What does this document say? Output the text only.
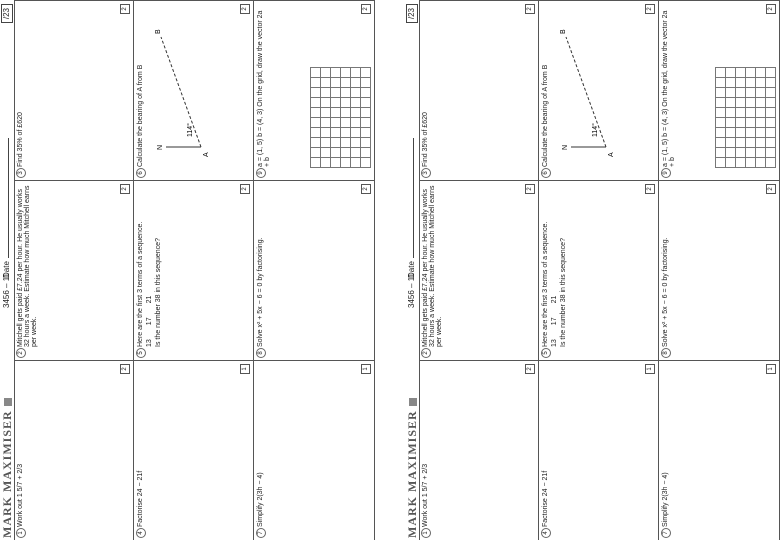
MARK MAXIMISER
3456 – 11
Date
/23
1
Work out 1 5/7 + 2/3
2
2
Mitchell gets paid £7.24 per hour. He usually works 32 hours a week. Estimate how much Mitchell earns per week.
2
3
Find 35% of £620
2
4
Factorise 24 − 21f
1
5
Here are the first 3 terms of a sequence. 131721 Is the number 38 in this sequence?
2
6
Calculate the bearing of A from B N
A
B
114°
2
7
Simplify 2(3h − 4)
1
8
Solve x² + 5x − 6 = 0 by factorising.
2
9
a = (1, 5) b = (4, 3) On the grid, draw the vector 2a + b
2
MARK MAXIMISER
3456 – 11
Date
/23
1
Work out 1 5/7 + 2/3
2
2
Mitchell gets paid £7.24 per hour. He usually works 32 hours a week. Estimate how much Mitchell earns per week.
2
3
Find 35% of £620
2
4
Factorise 24 − 21f
1
5
Here are the first 3 terms of a sequence. 131721 Is the number 38 in this sequence?
2
6
Calculate the bearing of A from B N
A
B
114°
2
7
Simplify 2(3h − 4)
1
8
Solve x² + 5x − 6 = 0 by factorising.
2
9
a = (1, 5) b = (4, 3) On the grid, draw the vector 2a + b
2
